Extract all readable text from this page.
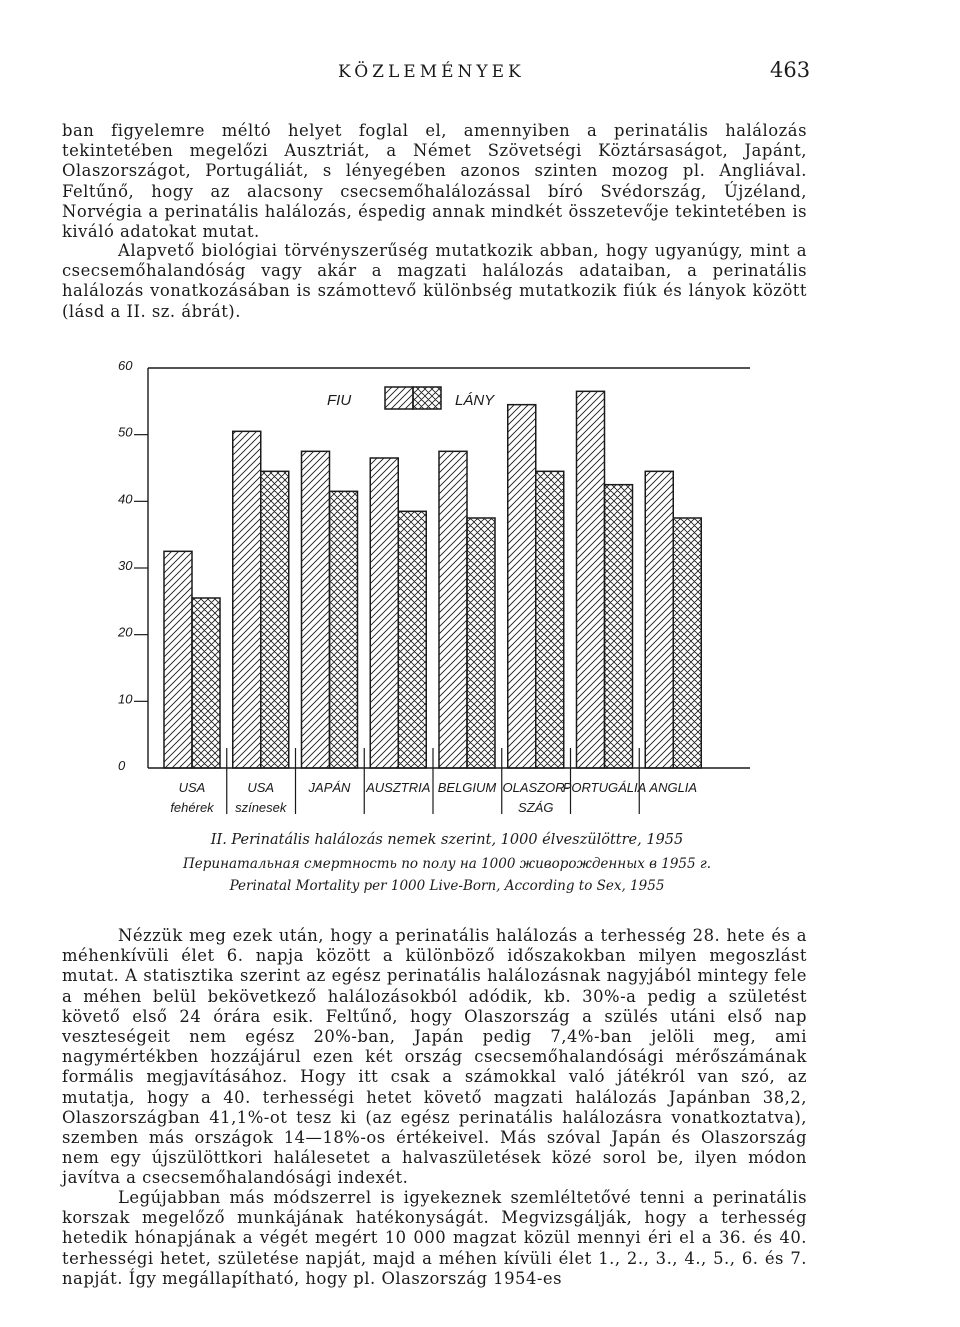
KÖZLEMÉNYEK	463

ban figyelemre méltó helyet foglal el, amennyiben a perinatális halálozás tekintetében megelőzi Ausztriát, a Német Szövetségi Köztársaságot, Japánt, Olaszországot, Portugáliát, s lényegében azonos szinten mozog pl. Angliával. Feltűnő, hogy az alacsony csecsemőhalálozással bíró Svédország, Újzéland, Norvégia a perinatális halálozás, éspedig annak mindkét összetevője tekintetében is kiváló adatokat mutat.

Alapvető biológiai törvényszerűség mutatkozik abban, hogy ugyanúgy, mint a csecsemőhalandóság vagy akár a magzati halálozás adataiban, a perinatális halálozás vonatkozásában is számottevő különbség mutatkozik fiúk és lányok között (lásd a II. sz. ábrát).

0
10
20
30
40
50
60
FIU	LÁNY
USA
fehérek
USA
színesek
JAPÁN AUSZTRIA BELGIUM OLASZOR-
SZÁG
PORTUGÁLIA ANGLIA

II. Perinatális halálozás nemek szerint, 1000 élveszülöttre, 1955

Перинатальная смертность по полу на 1000 живорожденных в 1955 г.

Perinatal Mortality per 1000 Live-Born, According to Sex, 1955

Nézzük meg ezek után, hogy a perinatális halálozás a terhesség 28. hete és a méhenkívüli élet 6. napja között a különböző időszakokban milyen megoszlást mutat. A statisztika szerint az egész perinatális halálozásnak nagyjából mintegy fele a méhen belül bekövetkező halálozásokból adódik, kb. 30%-a pedig a születést követő első 24 órára esik. Feltűnő, hogy Olaszország a szülés utáni első nap veszteségeit nem egész 20%-ban, Japán pedig 7,4%-ban jelöli meg, ami nagymértékben hozzájárul ezen két ország csecsemőhalandósági mérőszámának formális megjavításához. Hogy itt csak a számokkal való játékról van szó, az mutatja, hogy a 40. terhességi hetet követő magzati halálozás Japánban 38,2, Olaszországban 41,1%-ot tesz ki (az egész perinatális halálozásra vonatkoztatva), szemben más országok 14—18%-os értékeivel. Más szóval Japán és Olaszország nem egy újszülöttkori halálesetet a halvaszületések közé sorol be, ilyen módon javítva a csecsemőhalandósági indexét.

Legújabban más módszerrel is igyekeznek szemléltetővé tenni a perinatális korszak megelőző munkájának hatékonyságát. Megvizsgálják, hogy a terhesség hetedik hónapjának a végét megért 10 000 magzat közül mennyi éri el a 36. és 40. terhességi hetet, születése napját, majd a méhen kívüli élet 1., 2., 3., 4., 5., 6. és 7. napját. Így megállapítható, hogy pl. Olaszország 1954-es
